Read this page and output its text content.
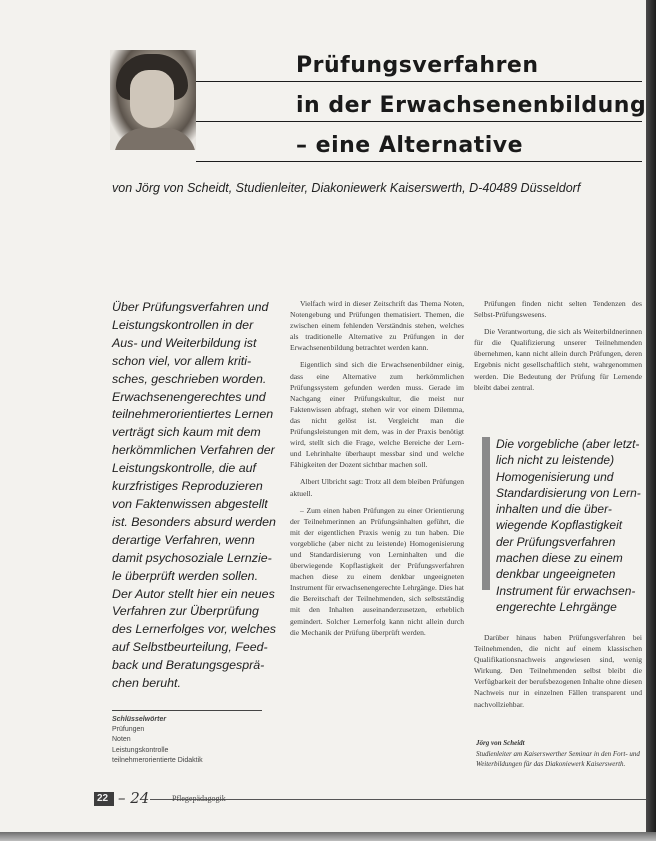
Prüfungsverfahren
in der Erwachsenenbildung
– eine Alternative
von Jörg von Scheidt, Studienleiter, Diakoniewerk Kaiserswerth, D-40489 Düsseldorf
Über Prüfungsverfahren und
Leistungskontrollen in der
Aus- und Weiterbildung ist
schon viel, vor allem kriti-
sches, geschrieben worden.
Erwachsenengerechtes und
teilnehmerorientiertes Lernen
verträgt sich kaum mit dem
herkömmlichen Verfahren der
Leistungskontrolle, die auf
kurzfristiges Reproduzieren
von Faktenwissen abgestellt
ist. Besonders absurd werden
derartige Verfahren, wenn
damit psychosoziale Lernzie-
le überprüft werden sollen.
Der Autor stellt hier ein neues
Verfahren zur Überprüfung
des Lernerfolges vor, welches
auf Selbstbeurteilung, Feed-
back und Beratungsgesprä-
chen beruht.
Schlüsselwörter
Prüfungen
Noten
Leistungskontrolle
teilnehmerorientierte Didaktik

Vielfach wird in dieser Zeitschrift das Thema Noten, Notengebung und Prüfungen thematisiert. Themen, die zwischen einem fehlenden Verständnis stehen, welches als traditionelle Alternative zu Prüfungen in der Erwachsenenbildung betrachtet werden kann.

Eigentlich sind sich die Erwachsenenbildner einig, dass eine Alternative zum herkömmlichen Prüfungssystem gefunden werden muss. Gerade im Nachgang einer Prüfungskultur, die meist nur Faktenwissen abfragt, stehen wir vor einem Dilemma, das nicht gelöst ist. Vergleicht man die Prüfungsleistungen mit dem, was in der Praxis benötigt wird, stellt sich die Frage, welche Bereiche der Lern- und Lehrinhalte überhaupt messbar sind und welche Fähigkeiten der Dozent sichtbar machen soll.

Albert Ulbricht sagt: Trotz all dem bleiben Prüfungen aktuell.

– Zum einen haben Prüfungen zu einer Orientierung der Teilnehmerinnen an Prüfungsinhalten geführt, die mit der eigentlichen Praxis wenig zu tun haben. Die vorgebliche (aber nicht zu leistende) Homogenisierung und Standardisierung von Lerninhalten und die überwiegende Kopflastigkeit der Prüfungsverfahren machen diese zu einem denkbar ungeeigneten Instrument für erwachsenengerechte Lehrgänge. Dies hat die Bereitschaft der Teilnehmenden, sich selbstständig mit den Inhalten auseinanderzusetzen, erheblich gemindert. Solcher Lernerfolg kann nicht allein durch die Mechanik der Prüfung überprüft werden.

Prüfungen finden nicht selten Tendenzen des Selbst-Prüfungswesens.

Die Verantwortung, die sich als Weiterbildnerinnen für die Qualifizierung unserer Teilnehmenden übernehmen, kann nicht allein durch Prüfungen, deren Ergebnis nicht gesellschaftlich steht, wahrgenommen werden. Die Bedeutung der Prüfung für Lernende bleibt dabei zentral.

Die vorgebliche (aber letzt-
lich nicht zu leistende)
Homogenisierung und
Standardisierung von Lern-
inhalten und die über-
wiegende Kopflastigkeit
der Prüfungsverfahren
machen diese zu einem
denkbar ungeeigneten
Instrument für erwachsen-
engerechte Lehrgänge

Darüber hinaus haben Prüfungsverfahren bei Teilnehmenden, die nicht auf einem klassischen Qualifikationsnachweis angewiesen sind, wenig Wirkung. Den Teilnehmenden selbst bleibt die Verfügbarkeit der berufsbezogenen Inhalte ohne diesen Nachweis nur in einzelnen Fällen transparent und nachvollziehbar.

Jörg von Scheidt
Studienleiter am Kaiserswerther Seminar in den Fort- und Weiterbildungen für das Diakoniewerk Kaiserswerth.
22 – 24	Pflegepädagogik
